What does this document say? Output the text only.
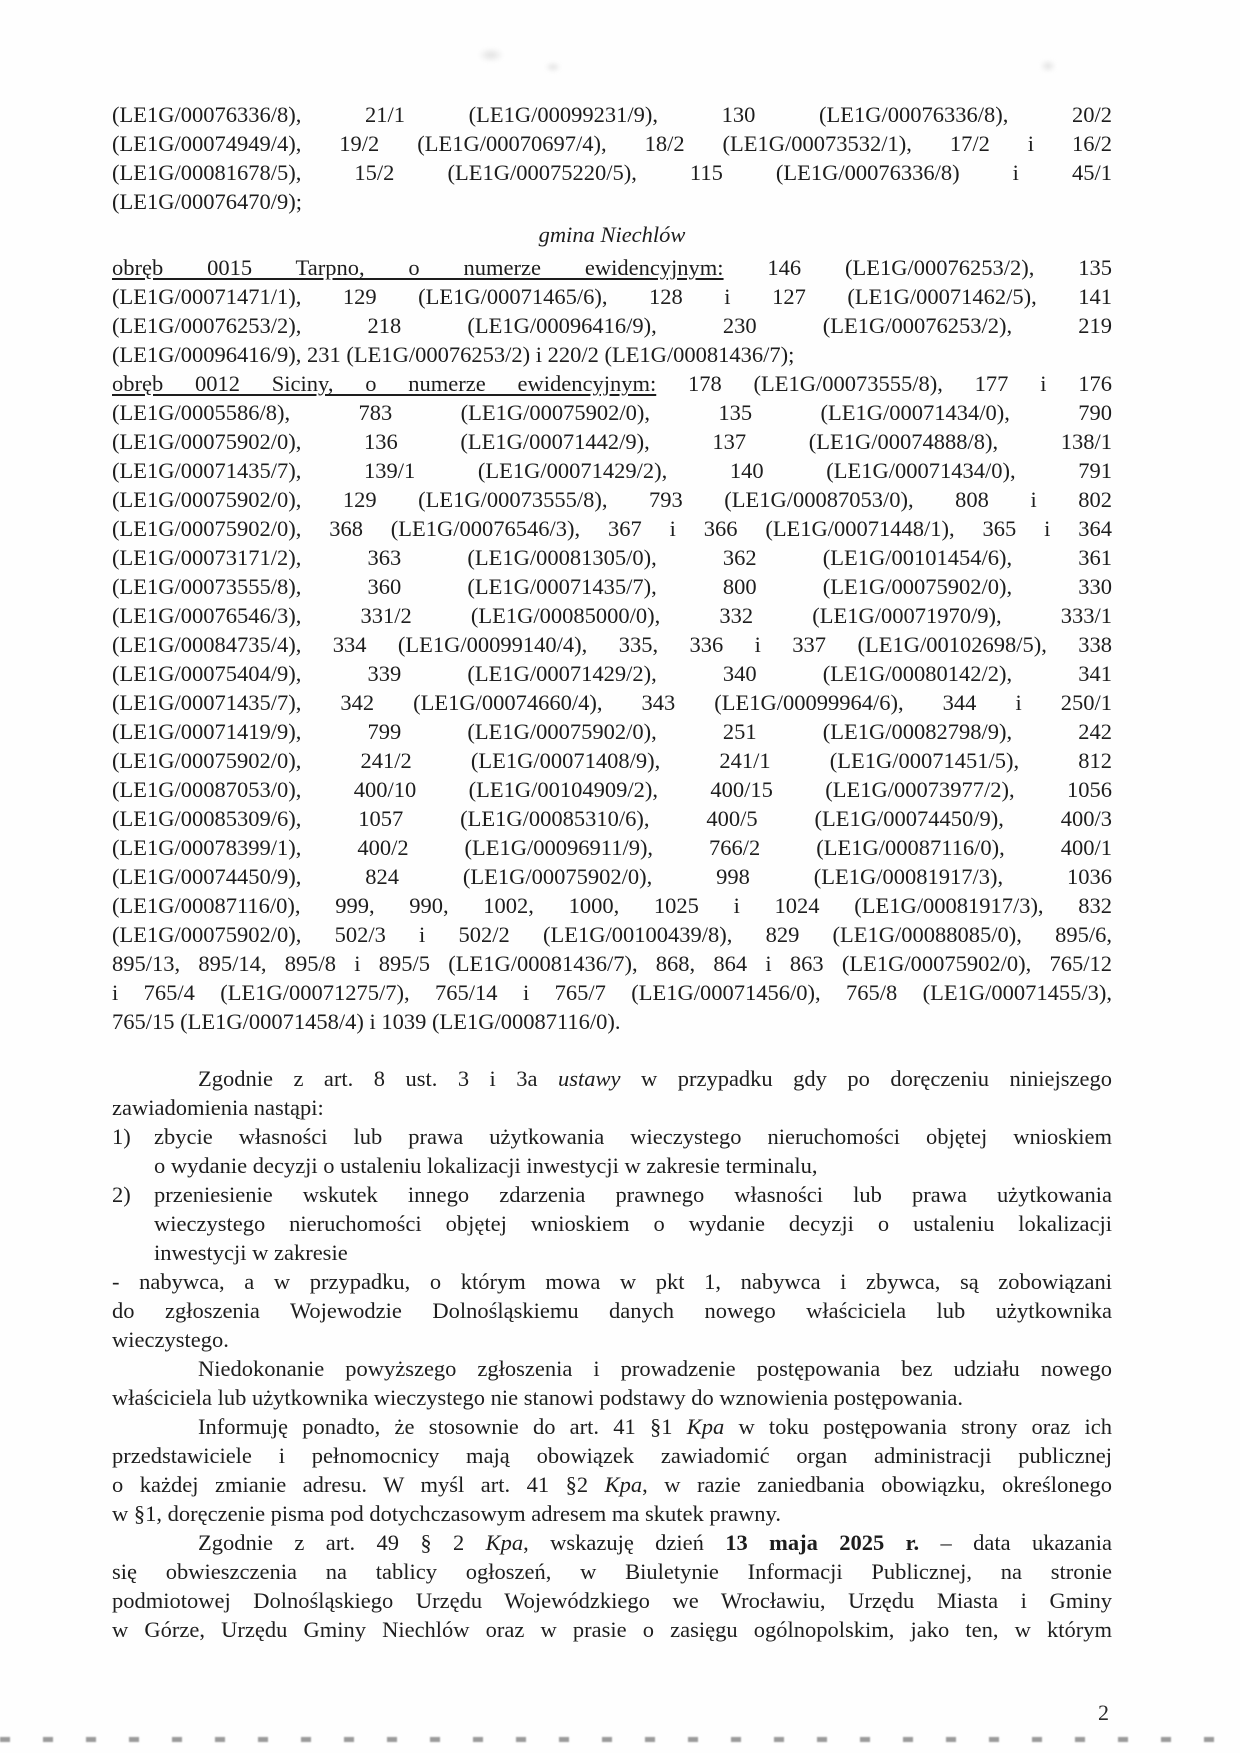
(LE1G/00076336/8), 21/1 (LE1G/00099231/9), 130 (LE1G/00076336/8), 20/2
(LE1G/00074949/4), 19/2 (LE1G/00070697/4), 18/2 (LE1G/00073532/1), 17/2 i 16/2
(LE1G/00081678/5), 15/2 (LE1G/00075220/5), 115 (LE1G/00076336/8) i 45/1
(LE1G/00076470/9);
gmina Niechlów
obręb 0015 Tarpno, o numerze ewidencyjnym: 146 (LE1G/00076253/2), 135
(LE1G/00071471/1), 129 (LE1G/00071465/6), 128 i 127 (LE1G/00071462/5), 141
(LE1G/00076253/2), 218 (LE1G/00096416/9), 230 (LE1G/00076253/2), 219
(LE1G/00096416/9), 231 (LE1G/00076253/2) i 220/2 (LE1G/00081436/7);
obręb 0012 Siciny, o numerze ewidencyjnym: 178 (LE1G/00073555/8), 177 i 176
(LE1G/0005586/8), 783 (LE1G/00075902/0), 135 (LE1G/00071434/0), 790
(LE1G/00075902/0), 136 (LE1G/00071442/9), 137 (LE1G/00074888/8), 138/1
(LE1G/00071435/7), 139/1 (LE1G/00071429/2), 140 (LE1G/00071434/0), 791
(LE1G/00075902/0), 129 (LE1G/00073555/8), 793 (LE1G/00087053/0), 808 i 802
(LE1G/00075902/0), 368 (LE1G/00076546/3), 367 i 366 (LE1G/00071448/1), 365 i 364
(LE1G/00073171/2), 363 (LE1G/00081305/0), 362 (LE1G/00101454/6), 361
(LE1G/00073555/8), 360 (LE1G/00071435/7), 800 (LE1G/00075902/0), 330
(LE1G/00076546/3), 331/2 (LE1G/00085000/0), 332 (LE1G/00071970/9), 333/1
(LE1G/00084735/4), 334 (LE1G/00099140/4), 335, 336 i 337 (LE1G/00102698/5), 338
(LE1G/00075404/9), 339 (LE1G/00071429/2), 340 (LE1G/00080142/2), 341
(LE1G/00071435/7), 342 (LE1G/00074660/4), 343 (LE1G/00099964/6), 344 i 250/1
(LE1G/00071419/9), 799 (LE1G/00075902/0), 251 (LE1G/00082798/9), 242
(LE1G/00075902/0), 241/2 (LE1G/00071408/9), 241/1 (LE1G/00071451/5), 812
(LE1G/00087053/0), 400/10 (LE1G/00104909/2), 400/15 (LE1G/00073977/2), 1056
(LE1G/00085309/6), 1057 (LE1G/00085310/6), 400/5 (LE1G/00074450/9), 400/3
(LE1G/00078399/1), 400/2 (LE1G/00096911/9), 766/2 (LE1G/00087116/0), 400/1
(LE1G/00074450/9), 824 (LE1G/00075902/0), 998 (LE1G/00081917/3), 1036
(LE1G/00087116/0), 999, 990, 1002, 1000, 1025 i 1024 (LE1G/00081917/3), 832
(LE1G/00075902/0), 502/3 i 502/2 (LE1G/00100439/8), 829 (LE1G/00088085/0), 895/6,
895/13, 895/14, 895/8 i 895/5 (LE1G/00081436/7), 868, 864 i 863 (LE1G/00075902/0), 765/12
i 765/4 (LE1G/00071275/7), 765/14 i 765/7 (LE1G/00071456/0), 765/8 (LE1G/00071455/3),
765/15 (LE1G/00071458/4) i 1039 (LE1G/00087116/0).
Zgodnie z art. 8 ust. 3 i 3a ustawy w przypadku gdy po doręczeniu niniejszego
zawiadomienia nastąpi:
1) zbycie własności lub prawa użytkowania wieczystego nieruchomości objętej wnioskiem
o wydanie decyzji o ustaleniu lokalizacji inwestycji w zakresie terminalu,
2) przeniesienie wskutek innego zdarzenia prawnego własności lub prawa użytkowania
wieczystego nieruchomości objętej wnioskiem o wydanie decyzji o ustaleniu lokalizacji
inwestycji w zakresie
- nabywca, a w przypadku, o którym mowa w pkt 1, nabywca i zbywca, są zobowiązani
do zgłoszenia Wojewodzie Dolnośląskiemu danych nowego właściciela lub użytkownika
wieczystego.
Niedokonanie powyższego zgłoszenia i prowadzenie postępowania bez udziału nowego
właściciela lub użytkownika wieczystego nie stanowi podstawy do wznowienia postępowania.
Informuję ponadto, że stosownie do art. 41 §1 Kpa w toku postępowania strony oraz ich
przedstawiciele i pełnomocnicy mają obowiązek zawiadomić organ administracji publicznej
o każdej zmianie adresu. W myśl art. 41 §2 Kpa, w razie zaniedbania obowiązku, określonego
w §1, doręczenie pisma pod dotychczasowym adresem ma skutek prawny.
Zgodnie z art. 49 § 2 Kpa, wskazuję dzień 13 maja 2025 r. – data ukazania
się obwieszczenia na tablicy ogłoszeń, w Biuletynie Informacji Publicznej, na stronie
podmiotowej Dolnośląskiego Urzędu Wojewódzkiego we Wrocławiu, Urzędu Miasta i Gminy
w Górze, Urzędu Gminy Niechlów oraz w prasie o zasięgu ogólnopolskim, jako ten, w którym
2
